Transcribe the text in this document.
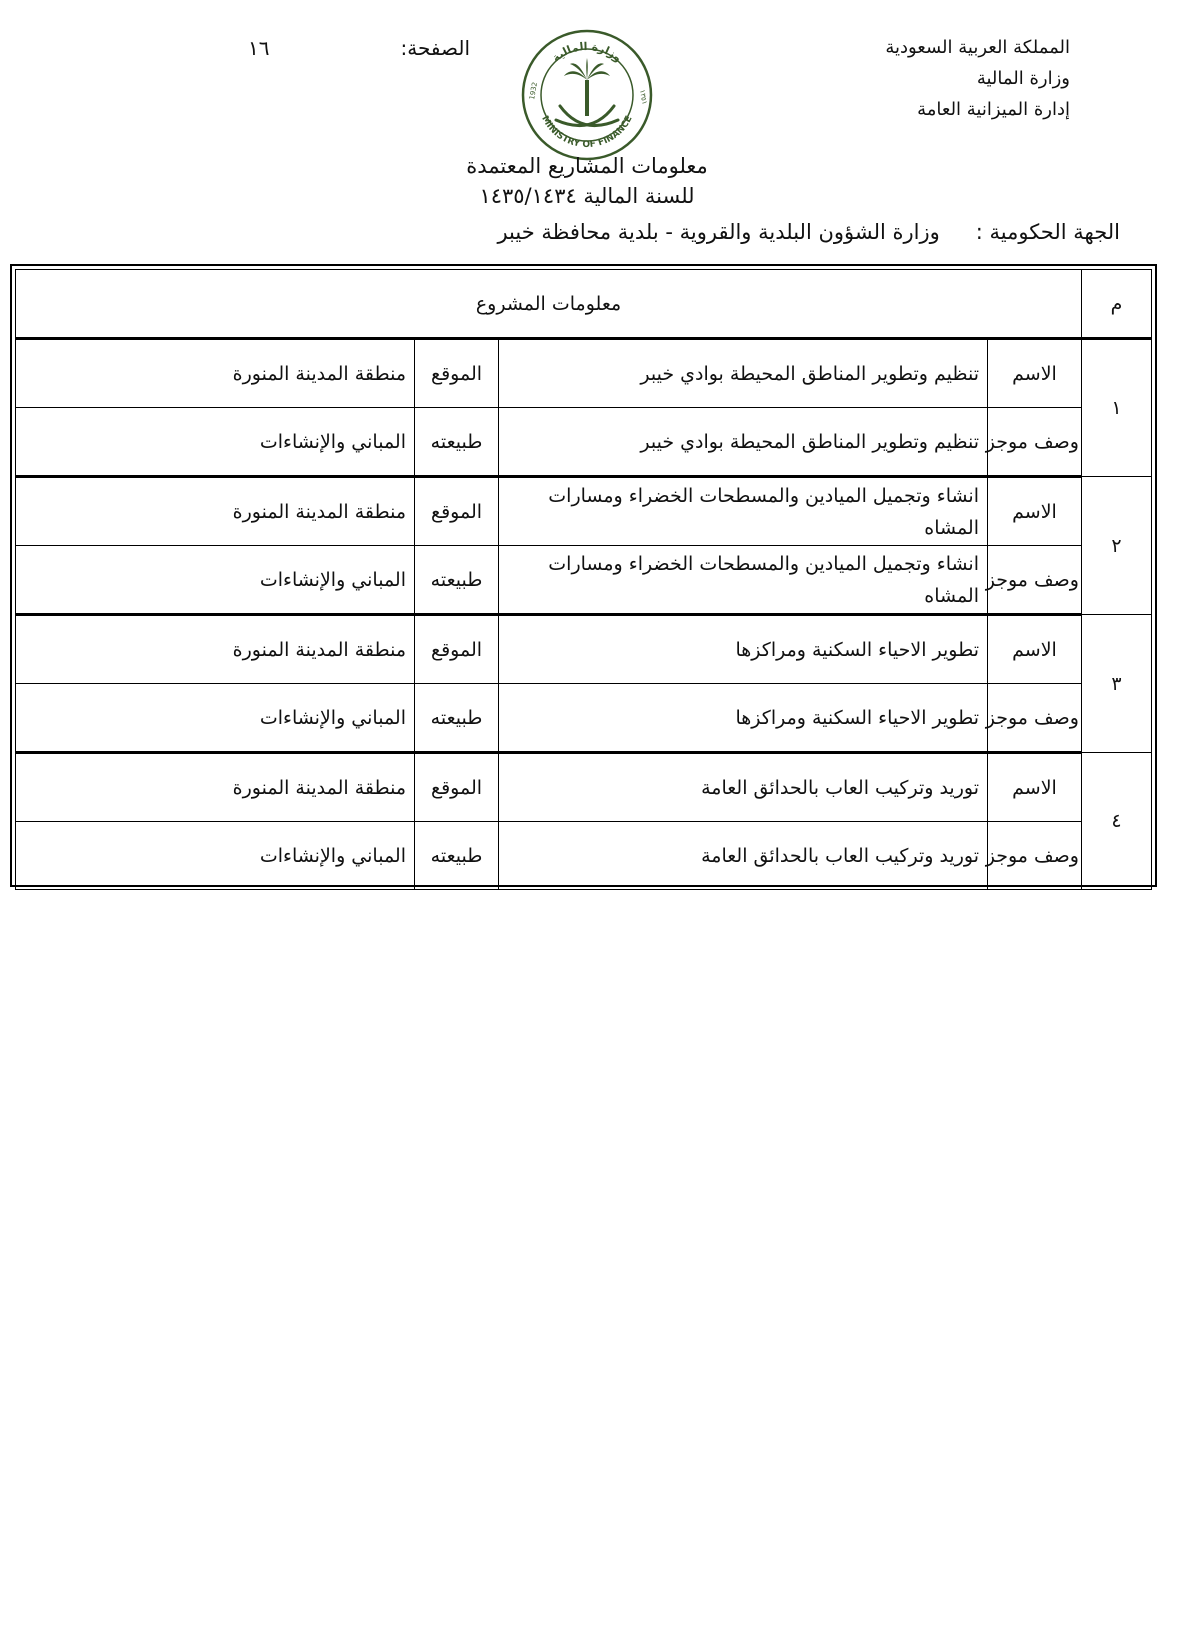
المملكة العربية السعودية
وزارة المالية
إدارة الميزانية العامة
الصفحة:
١٦	وزارة المالية
MINISTRY OF FINANCE
1932	١٣٥١
معلومات المشاريع المعتمدة
للسنة المالية ١٤٣٥/١٤٣٤
الجهة الحكومية :وزارة الشؤون البلدية والقروية - بلدية محافظة خيبر
م	معلومات المشروع			
١	الاسم	تنظيم وتطوير المناطق المحيطة بوادي خيبر	الموقع	منطقة المدينة المنورة
	وصف موجز	تنظيم وتطوير المناطق المحيطة بوادي خيبر	طبيعته	المباني والإنشاءات
٢	الاسم	انشاء وتجميل الميادين والمسطحات الخضراء ومسارات المشاه	الموقع	منطقة المدينة المنورة
	وصف موجز	انشاء وتجميل الميادين والمسطحات الخضراء ومسارات المشاه	طبيعته	المباني والإنشاءات
٣	الاسم	تطوير الاحياء السكنية ومراكزها	الموقع	منطقة المدينة المنورة
	وصف موجز	تطوير الاحياء السكنية ومراكزها	طبيعته	المباني والإنشاءات
٤	الاسم	توريد وتركيب العاب بالحدائق العامة	الموقع	منطقة المدينة المنورة
	وصف موجز	توريد وتركيب العاب بالحدائق العامة	طبيعته	المباني والإنشاءات
